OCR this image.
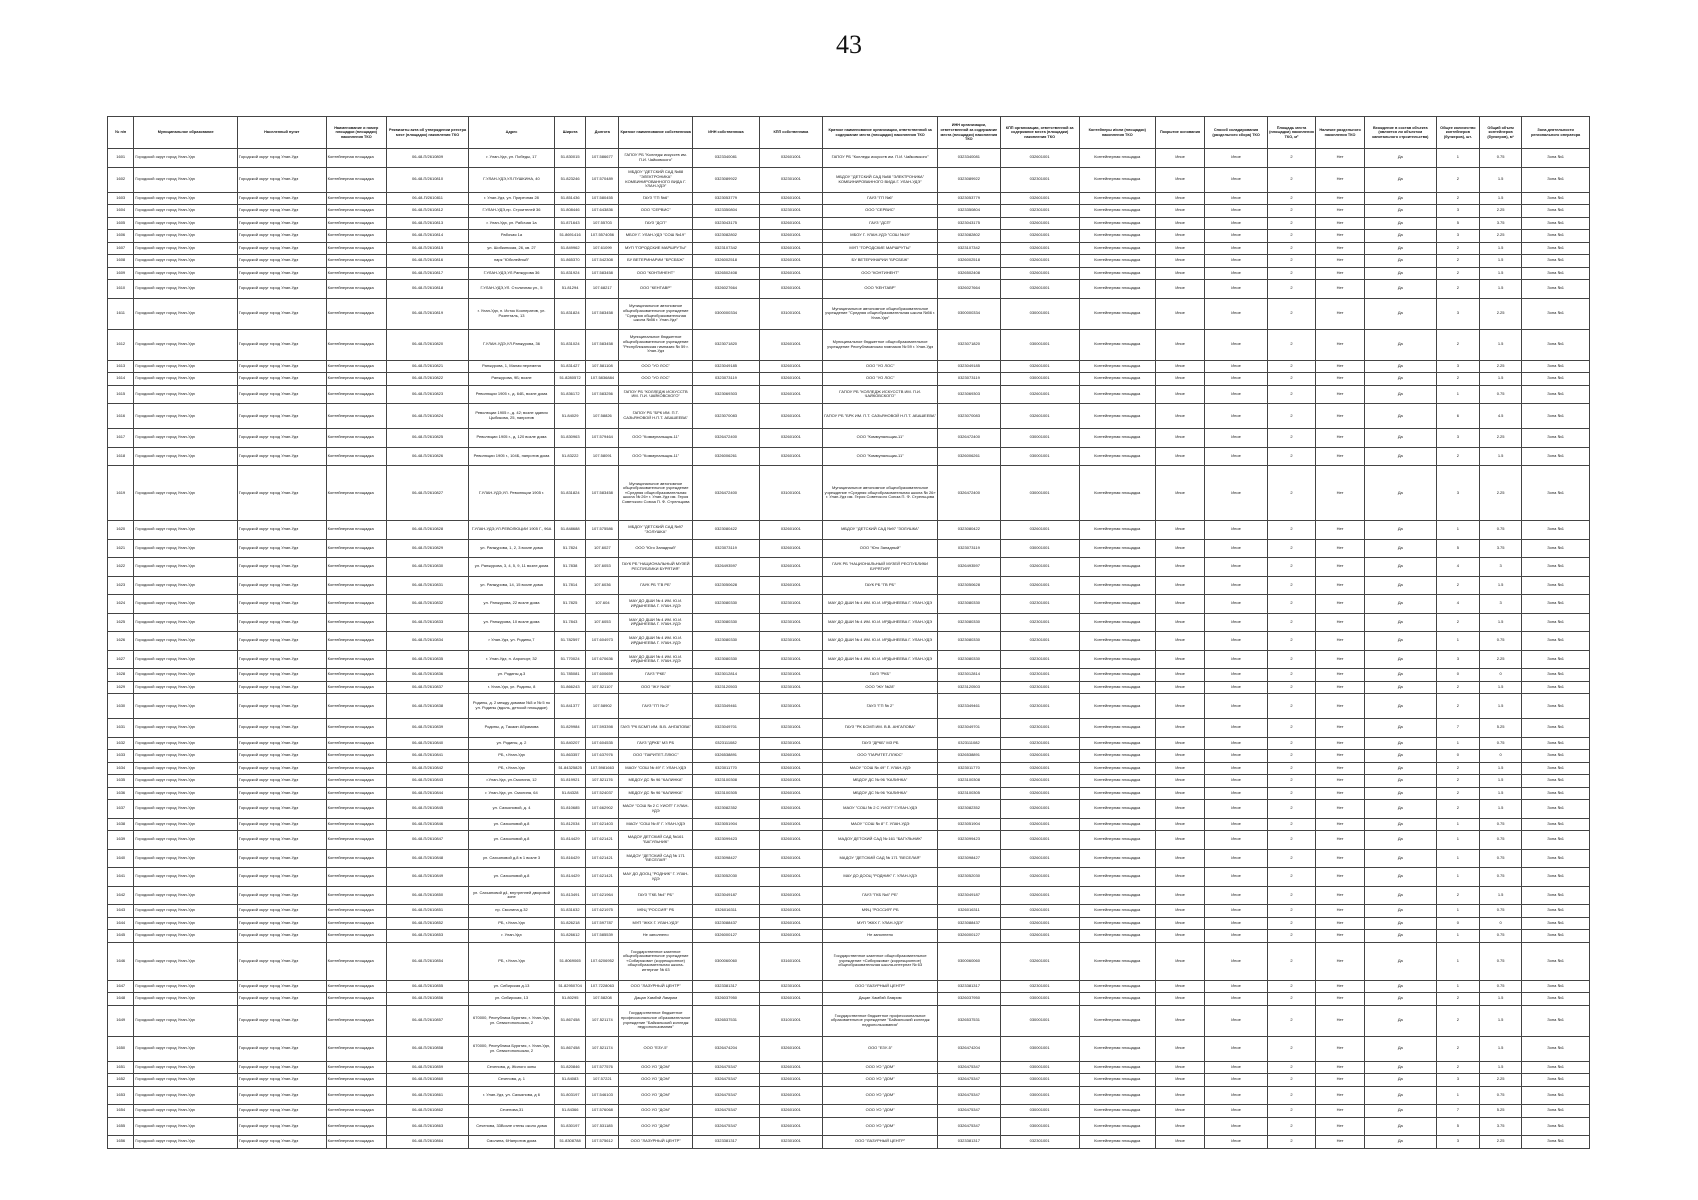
43
№ п/п	Муниципальное образование	Населенный пункт	Наименование и номер площадки (площадки) накопления ТКО	Реквизиты акта об утверждении реестра мест (площадок) накопления ТКО	Адрес	Широта	Долгота	Краткое наименование собственника	ИНН собственника	КПП собственника	Краткое наименование организации, ответственной за содержание места (площадки) накопления ТКО	ИНН организации, ответственной за содержание места (площадки) накопления ТКО	КПП организации, ответственной за содержание места (площадки) накопления ТКО	Контейнеры и/или (площадки) накопления ТКО	Покрытие основания	Способ складирования (раздельного сбора) ТКО	Площадь места (площадки) накопления ТКО, м²	Наличие раздельного накопления ТКО	Вхождение в состав объекта (является ли объектом капитального строительства)	Общее количество контейнеров (бункеров), шт.	Общий объем контейнеров (бункеров), м³	Зона деятельности регионального оператора
1601	Городской округ город Улан-Удэ	Городской округ город Улан-Удэ	Контейнерная площадка	06-48-П/2610809	г. Улан-Удэ, ул. Победы, 17	51.830015	107.586677	ГАПОУ РБ "Колледж искусств им. П.И. Чайковского"	0323340081	032601001	ГАПОУ РБ "Колледж искусств им. П.И. Чайковского"	0323340081	032601001	Контейнерная площадка	Иное	Иное	2	Нет	Да	1	0.75	Зона №1
1602	Городской округ город Улан-Удэ	Городской округ город Улан-Удэ	Контейнерная площадка	06-48-П/2610810	Г.УЛАН-УДЭ,УЛ.ПУШКИНА, 40	51.823246	107.570489	МБДОУ "ДЕТСКИЙ САД №88 "ЭЛЕКТРОНИКА" КОМБИНИРОВАННОГО ВИДА Г. УЛАН-УДЭ"	0323089922	032301001	МБДОУ "ДЕТСКИЙ САД №88 "ЭЛЕКТРОНИКА" КОМБИНИРОВАННОГО ВИДА Г. УЛАН-УДЭ"	0323089922	032301001	Контейнерная площадка	Иное	Иное	2	Нет	Да	2	1.5	Зона №1
1603	Городской округ город Улан-Удэ	Городской округ город Улан-Удэ	Контейнерная площадка	06-48-П/2610811	г. Улан-Удэ, ул. Приречная 28	51.851436	107.580455	ГАУЗ "ГП №6"	0323053779	032601001	ГАУЗ "ГП №6"	0323053779	032601001	Контейнерная площадка	Иное	Иное	2	Нет	Да	2	1.5	Зона №1
1604	Городской округ город Улан-Удэ	Городской округ город Улан-Удэ	Контейнерная площадка	06-48-П/2610812	Г.УЛАН-УДЭ,пр. Строителей 36	51.808446	107.643836	ООО "СЕРВИС"	0323350804	032301001	ООО "СЕРВИС"	0323350804	032301001	Контейнерная площадка	Иное	Иное	2	Нет	Да	3	2.25	Зона №1
1605	Городской округ город Улан-Удэ	Городской округ город Улан-Удэ	Контейнерная площадка	06-48-П/2610813	г. Улан-Удэ, ул. Рабочая 1а	51.871643	107.55703	ГАУЗ "ДСП"	0323043175	032601001	ГАУЗ "ДСП"	0323043175	032601001	Контейнерная площадка	Иное	Иное	2	Нет	Да	5	3.75	Зона №1
1606	Городской округ город Улан-Удэ	Городской округ город Улан-Удэ	Контейнерная площадка	06-48-П/2610814	Рабочая 1а	51.8691416	107.5574056	МБОУ Г. УЛАН-УДЭ "СОШ №19"	0323082802	032601001	МБОУ Г. УЛАН-УДЭ "СОШ №19"	0323082802	032601001	Контейнерная площадка	Иное	Иное	2	Нет	Да	3	2.25	Зона №1
1607	Городской округ город Улан-Удэ	Городской округ город Улан-Удэ	Контейнерная площадка	06-48-П/2610815	ул. Шобкинская, 26, кв. 27	51.849962	107.61099	МУП "ГОРОДСКИЕ МАРШРУТЫ"	0323107342	032601001	МУП "ГОРОДСКИЕ МАРШРУТЫ"	0323107342	032601001	Контейнерная площадка	Иное	Иное	2	Нет	Да	2	1.5	Зона №1
1608	Городской округ город Улан-Удэ	Городской округ город Улан-Удэ	Контейнерная площадка	06-48-П/2610816	парк "Юбилейный"	51.865370	107.542308	БУ ВЕТЕРИНАРИИ "БРСББЖ"	0326002518	032601001	БУ ВЕТЕРИНАРИИ "БРСББЖ"	0326002518	032601001	Контейнерная площадка	Иное	Иное	2	Нет	Да	2	1.5	Зона №1
1609	Городской округ город Улан-Удэ	Городской округ город Улан-Удэ	Контейнерная площадка	06-48-П/2610817	Г.УЛАН-УДЭ,УЛ.Ранжурова 36	51.831924	107.583458	ООО "КОНТИНЕНТ"	0326502408	032601001	ООО "КОНТИНЕНТ"	0326502408	032601001	Контейнерная площадка	Иное	Иное	2	Нет	Да	2	1.5	Зона №1
1610	Городской округ город Улан-Удэ	Городской округ город Улан-Удэ	Контейнерная площадка	06-48-П/2610818	Г.УЛАН-УДЭ,УЛ. Столичная ул., 5	51.81294	107.68217	ООО "КЕНТАВР"	0326027664	032601001	ООО "КЕНТАВР"	0326027664	032601001	Контейнерная площадка	Иное	Иное	2	Нет	Да	2	1.5	Зона №1
1611	Городской округ город Улан-Удэ	Городской округ город Улан-Удэ	Контейнерная площадка	06-48-П/2610819	г. Улан-Удэ, п. Исток Кооператив, ул. Розенталь, 13	51.831824	107.583458	Муниципальное автономное общеобразовательное учреждение "Средняя общеобразовательная школа №56 г. Улан-Удэ"	0300000334	031001001	Муниципальное автономное общеобразовательное учреждение "Средняя общеобразовательная школа №56 г. Улан-Удэ"	0300000334	030001001	Контейнерная площадка	Иное	Иное	2	Нет	Да	3	2.25	Зона №1
1612	Городской округ город Улан-Удэ	Городской округ город Улан-Удэ	Контейнерная площадка	06-48-П/2610820	Г.УЛАН-УДЭ,УЛ.Ранжурова, 36	51.831024	107.583458	Муниципальное бюджетное общеобразовательное учреждение "Республиканская гимназия № 59 г. Улан-Удэ	0323071820	032601001	Муниципальное бюджетное общеобразовательное учреждение Республиканская гимназия № 59 г. Улан-Удэ	0323071820	030001001	Контейнерная площадка	Иное	Иное	2	Нет	Да	2	1.5	Зона №1
1613	Городской округ город Улан-Удэ	Городской округ город Улан-Удэ	Контейнерная площадка	06-48-П/2610821	Ранжурова, 1, Малая перемена	51.831427	107.581108	ООО "УО ЛОС"	0323049185	032601001	ООО "УО ЛОС"	0323049185	032601001	Контейнерная площадка	Иное	Иное	2	Нет	Да	3	2.25	Зона №1
1614	Городской округ город Улан-Удэ	Городской округ город Улан-Удэ	Контейнерная площадка	06-48-П/2610822	Ранжурова, 9Б; возле	51.8280572	107.5836884	ООО "УО ЛОС"	0323073119	032601001	ООО "УО ЛОС"	0323073119	030001001	Контейнерная площадка	Иное	Иное	2	Нет	Да	2	1.5	Зона №1
1615	Городской округ город Улан-Удэ	Городской округ город Улан-Удэ	Контейнерная площадка	06-48-П/2610823	Революции 1905 г., д. 64Б, возле дома	51.836172	107.583256	ГАПОУ РБ "КОЛЛЕДЖ ИСКУССТВ ИМ. П.И. ЧАЙКОВСКОГО"	0323069303	032601001	ГАПОУ РБ "КОЛЛЕДЖ ИСКУССТВ ИМ. П.И. ЧАЙКОВСКОГО"	0323069303	032601001	Контейнерная площадка	Иное	Иное	2	Нет	Да	1	0.75	Зона №1
1616	Городской округ город Улан-Удэ	Городской округ город Улан-Удэ	Контейнерная площадка	06-48-П/2610824	Революции 1905 г., д. 42; возле здания Цыбикова, 25, напротив	51.84029	107.58826	ГАПОУ РБ "БРК ИМ. П.Т. САЗЬЯНОВОЙ Н.П.Т. АБАШЕЕВА"	0323070083	032601001	ГАПОУ РБ "БРК ИМ. П.Т. САЗЬЯНОВОЙ Н.П.Т. АБАШЕЕВА"	0323070083	032601001	Контейнерная площадка	Иное	Иное	2	Нет	Да	6	4.5	Зона №1
1617	Городской округ город Улан-Удэ	Городской округ город Улан-Удэ	Контейнерная площадка	06-48-П/2610825	Революции 1905 г., д. 120 возле дома	51.830963	107.579464	ООО "Коммунальщик-11"	0326472400	032601001	ООО "Коммунальщик-11"	0326472400	030001001	Контейнерная площадка	Иное	Иное	2	Нет	Да	3	2.25	Зона №1
1618	Городской округ город Улан-Удэ	Городской округ город Улан-Удэ	Контейнерная площадка	06-48-П/2610826	Революции 1905 г., 104Б, напротив дома	51.83222	107.58091	ООО "Коммунальщик-11"	0326006261	032601001	ООО "Коммунальщик-11"	0326006261	030001001	Контейнерная площадка	Иное	Иное	2	Нет	Да	2	1.5	Зона №1
1619	Городской округ город Улан-Удэ	Городской округ город Улан-Удэ	Контейнерная площадка	06-48-П/2610827	Г.УЛАН-УДЭ,УЛ. Революции 1905 г.	51.831824	107.583458	Муниципальное автономное общеобразовательное учреждение «Средняя общеобразовательная школа № 26» г. Улан-Удэ им. Героя Советского Союза П. Ф. Стрельцова	0326472400	031001001	Муниципальное автономное общеобразовательное учреждение «Средняя общеобразовательная школа № 26» г. Улан-Удэ им. Героя Советского Союза П. Ф. Стрельцова	0326472400	030001001	Контейнерная площадка	Иное	Иное	2	Нет	Да	3	2.25	Зона №1
1620	Городской округ город Улан-Удэ	Городской округ город Улан-Удэ	Контейнерная площадка	06-48-П/2610828	Г.УЛАН-УДЭ,УЛ.РЕВОЛЮЦИИ 1905 Г., 96А	51.848688	107.575586	МБДОУ "ДЕТСКИЙ САД №97 "ЗОЛУШКА"	0323080422	032601001	МБДОУ "ДЕТСКИЙ САД №97 "ЗОЛУШКА"	0323080422	032601001	Контейнерная площадка	Иное	Иное	2	Нет	Да	1	0.75	Зона №1
1621	Городской округ город Улан-Удэ	Городской округ город Улан-Удэ	Контейнерная площадка	06-48-П/2610829	ул. Ранжурова, 1, 2, 3 возле дома	51.7824	107.6027	ООО "Юго Западный"	0323073119	032601001	ООО "Юго Западный"	0323073119	030001001	Контейнерная площадка	Иное	Иное	2	Нет	Да	5	3.75	Зона №1
1622	Городской округ город Улан-Удэ	Городской округ город Улан-Удэ	Контейнерная площадка	06-48-П/2610830	ул. Ранжурова, 3, 4, 5, 9, 11 возле дома	51.7838	107.6053	ГАУК РБ "НАЦИОНАЛЬНЫЙ МУЗЕЙ РЕСПУБЛИКИ БУРЯТИЯ"	0326493597	032601001	ГАУК РБ "НАЦИОНАЛЬНЫЙ МУЗЕЙ РЕСПУБЛИКИ БУРЯТИЯ"	0326493597	032601001	Контейнерная площадка	Иное	Иное	2	Нет	Да	4	3	Зона №1
1623	Городской округ город Улан-Удэ	Городской округ город Улан-Удэ	Контейнерная площадка	06-48-П/2610831	ул. Ранжурова, 14, 15 возле дома	51.7814	107.6036	ГАУК РБ "ГВ РБ"	0323050628	032601001	ГАУК РБ "ГВ РБ"	0323050628	032601001	Контейнерная площадка	Иное	Иное	2	Нет	Да	2	1.5	Зона №1
1624	Городской округ город Улан-Удэ	Городской округ город Улан-Удэ	Контейнерная площадка	06-48-П/2610832	ул. Ранжурова, 22 возле дома	51.7825	107.604	МАУ ДО ДШИ № 4 ИМ. Ю.И. ИРДЫНЕЕВА Г. УЛАН-УДЭ	0323080330	032301001	МАУ ДО ДШИ № 4 ИМ. Ю.И. ИРДЫНЕЕВА Г. УЛАН-УДЭ	0323080330	032301001	Контейнерная площадка	Иное	Иное	2	Нет	Да	4	3	Зона №1
1625	Городской округ город Улан-Удэ	Городской округ город Улан-Удэ	Контейнерная площадка	06-48-П/2610833	ул. Ранжурова, 10 возле дома	51.7843	107.6053	МАУ ДО ДШИ № 4 ИМ. Ю.И. ИРДЫНЕЕВА Г. УЛАН-УДЭ	0323080330	032301001	МАУ ДО ДШИ № 4 ИМ. Ю.И. ИРДЫНЕЕВА Г. УЛАН-УДЭ	0323080330	032301001	Контейнерная площадка	Иное	Иное	2	Нет	Да	2	1.5	Зона №1
1626	Городской округ город Улан-Удэ	Городской округ город Улан-Удэ	Контейнерная площадка	06-48-П/2610834	г Улан-Удэ, ул. Родины,7	51.782597	107.604973	МАУ ДО ДШИ № 4 ИМ. Ю.И. ИРДЫНЕЕВА Г. УЛАН-УДЭ	0323080330	032301001	МАУ ДО ДШИ № 4 ИМ. Ю.И. ИРДЫНЕЕВА Г. УЛАН-УДЭ	0323080330	032301001	Контейнерная площадка	Иное	Иное	2	Нет	Да	1	0.75	Зона №1
1627	Городской округ город Улан-Удэ	Городской округ город Улан-Удэ	Контейнерная площадка	06-48-П/2610835	г. Улан-Удэ, п. Аэропорт, 32	51.770024	107.670636	МАУ ДО ДШИ № 4 ИМ. Ю.И. ИРДЫНЕЕВА Г. УЛАН-УДЭ	0323080330	032301001	МАУ ДО ДШИ № 4 ИМ. Ю.И. ИРДЫНЕЕВА Г. УЛАН-УДЭ	0323080330	032301001	Контейнерная площадка	Иное	Иное	2	Нет	Да	3	2.25	Зона №1
1628	Городской округ город Улан-Удэ	Городской округ город Улан-Удэ	Контейнерная площадка	06-48-П/2610836	ул. Родины д.3	51.785081	107.600659	ГАУЗ "РКБ"	0323012814	032301001	ГАУЗ "РКБ"	0323012814	032301001	Контейнерная площадка	Иное	Иное	2	Нет	Да	0	0	Зона №1
1629	Городской округ город Улан-Удэ	Городской округ город Улан-Удэ	Контейнерная площадка	06-48-П/2610837	г. Улан-Удэ, ул. Родины, 8	51.866243	107.521107	ООО "ЖУ №28"	0323120503	032301001	ООО "ЖУ №28"	0323120503	032301001	Контейнерная площадка	Иное	Иное	2	Нет	Да	2	1.5	Зона №1
1630	Городской округ город Улан-Удэ	Городской округ город Улан-Удэ	Контейнерная площадка	06-48-П/2610838	Родины, д. 2 между домами №3 и № 5 по ул. Родины (вдоль, детской площадке)	51.841377	107.58902	ГАУЗ "ГП № 2"	0323349461	032301001	ГАУЗ "ГП № 2"	0323349461	032301001	Контейнерная площадка	Иное	Иное	2	Нет	Да	2	1.5	Зона №1
1631	Городской округ город Улан-Удэ	Городской округ город Улан-Удэ	Контейнерная площадка	06-48-П/2610839	Родины, д. Такаин Абрамова	51.829984	107.593398	ГАУЗ "РК БСМП ИМ. В.В. АНГАПОВА"	0323049701	032301001	ГАУЗ "РК БСМП ИМ. В.В. АНГАПОВА"	0323049701	032301001	Контейнерная площадка	Иное	Иное	2	Нет	Да	7	5.25	Зона №1
1632	Городской округ город Улан-Удэ	Городской округ город Улан-Удэ	Контейнерная площадка	06-48-П/2610840	ул. Родины, д. 2	51.840207	107.604535	ГАУЗ "ДРКБ" МЗ РБ	0323111082	032301001	ГАУЗ "ДРКБ" МЗ РБ	0323111082	032301001	Контейнерная площадка	Иное	Иное	2	Нет	Да	1	0.75	Зона №1
1633	Городской округ город Улан-Удэ	Городской округ город Улан-Удэ	Контейнерная площадка	06-48-П/2610841	РБ, г.Улан-Удэ	51.863357	107.637976	ООО "ПАРИТЕТ-ПЛЮС"	0326538891	032601001	ООО "ПАРИТЕТ-ПЛЮС"	0326538891	032601001	Контейнерная площадка	Иное	Иное	2	Нет	Да	0	0	Зона №1
1634	Городской округ город Улан-Удэ	Городской округ город Улан-Удэ	Контейнерная площадка	06-48-П/2610842	РБ, г.Улан-Удэ	51.84325825	107.5981663	МАОУ "СОШ № 49" Г. УЛАН-УДЭ	0323011770	032601001	МАОУ "СОШ № 49" Г. УЛАН-УДЭ	0323011770	032601001	Контейнерная площадка	Иное	Иное	2	Нет	Да	2	1.5	Зона №1
1635	Городской округ город Улан-Удэ	Городской округ город Улан-Удэ	Контейнерная площадка	06-48-П/2610843	г.Улан-Удэ, ул.Смолина, 12	51.819921	107.521176	МБДОУ ДС № 96 "КАЛИНКА"	0323100308	032601001	МБДОУ ДС № 96 "КАЛИНКА"	0323100308	032601001	Контейнерная площадка	Иное	Иное	2	Нет	Да	2	1.5	Зона №1
1636	Городской округ город Улан-Удэ	Городской округ город Улан-Удэ	Контейнерная площадка	06-48-П/2610844	г. Улан-Удэ, ул. Смолина, 64	51.84328	107.524037	МБДОУ ДС № 96 "КАЛИНКА"	0323100305	032601001	МБДОУ ДС № 96 "КАЛИНКА"	0323100305	032601001	Контейнерная площадка	Иное	Иное	2	Нет	Да	2	1.5	Зона №1
1637	Городской округ город Улан-Удэ	Городской округ город Улан-Удэ	Контейнерная площадка	06-48-П/2610845	ул. Сахьяновой, д. 4	51.810685	107.662902	МАОУ "СОШ № 2 С УИОП" Г.УЛАН-УДЭ	0323082352	032601001	МАОУ "СОШ № 2 С УИОП" Г.УЛАН-УДЭ	0323082352	032601001	Контейнерная площадка	Иное	Иное	2	Нет	Да	2	1.5	Зона №1
1638	Городской округ город Улан-Удэ	Городской округ город Улан-Удэ	Контейнерная площадка	06-48-П/2610846	ул. Сахьяновой д.8	51.812034	107.621403	МАОУ "СОШ № 8" Г. УЛАН-УДЭ	0323051904	032601001	МАОУ "СОШ № 8" Г. УЛАН-УДЭ	0323051904	032601001	Контейнерная площадка	Иное	Иное	2	Нет	Да	1	0.75	Зона №1
1639	Городской округ город Улан-Удэ	Городской округ город Улан-Удэ	Контейнерная площадка	06-48-П/2610847	ул. Сахьяновой д.8	51.814429	107.621421	МАДОУ ДЕТСКИЙ САД №161 "БАГУЛЬНИК"	0323099423	032601001	МАДОУ ДЕТСКИЙ САД № 161 "БАГУЛЬНИК"	0323099423	032601001	Контейнерная площадка	Иное	Иное	2	Нет	Да	1	0.75	Зона №1
1640	Городской округ город Улан-Удэ	Городской округ город Улан-Удэ	Контейнерная площадка	06-48-П/2610848	ул. Сахьяновой д.8 в 1 возле 3	51.816429	107.621421	МАДОУ "ДЕТСКИЙ САД № 171 "ВЕСЕЛАЯ"	0323098427	032601001	МАДОУ "ДЕТСКИЙ САД № 171 "ВЕСЕЛАЯ"	0323098427	032601001	Контейнерная площадка	Иное	Иное	2	Нет	Да	1	0.75	Зона №1
1641	Городской округ город Улан-Удэ	Городской округ город Улан-Удэ	Контейнерная площадка	06-48-П/2610849	ул. Сахьяновой д.8	51.814429	107.621421	МАУ ДО ДООЦ "РОДНИК" Г. УЛАН-УДЭ	0323052030	032601001	МАУ ДО ДООЦ "РОДНИК" Г. УЛАН-УДЭ	0323052030	032601001	Контейнерная площадка	Иное	Иное	2	Нет	Да	1	0.75	Зона №1
1642	Городской округ город Улан-Удэ	Городской округ город Улан-Удэ	Контейнерная площадка	06-48-П/2610850	ул. Сахьяновой д4, внутренней дворовой зоне	51.813491	107.621964	ГАУЗ "ГКБ №4" РБ"	0323049187	032601001	ГАУЗ "ГКБ №4" РБ"	0323049187	032601001	Контейнерная площадка	Иное	Иное	2	Нет	Да	2	1.5	Зона №1
1643	Городской округ город Улан-Удэ	Городской округ город Улан-Удэ	Контейнерная площадка	06-48-П/2610851	пр. Смолина д.32	51.831632	107.621975	МФЦ "РОССИЯ" РБ	0326016311	032601001	МФЦ "РОССИЯ" РБ	0326016311	032601001	Контейнерная площадка	Иное	Иное	2	Нет	Да	1	0.75	Зона №1
1644	Городской округ город Улан-Удэ	Городской округ город Улан-Удэ	Контейнерная площадка	06-48-П/2610852	РБ, г.Улан-Удэ	51.826218	107.597787	МУП "ЖКХ Г. УЛАН-УДЭ"	0323088437	032601001	МУП "ЖКХ Г. УЛАН-УДЭ"	0323088437	032601001	Контейнерная площадка	Иное	Иное	2	Нет	Да	0	0	Зона №1
1645	Городской округ город Улан-Удэ	Городской округ город Улан-Удэ	Контейнерная площадка	06-48-П/2610853	г. Улан-Удэ	51.826612	107.585539	Не заполнено	0326000127	032601001	Не заполнено	0326000127	032601001	Контейнерная площадка	Иное	Иное	2	Нет	Да	1	0.75	Зона №1
1646	Городской округ город Улан-Удэ	Городской округ город Улан-Удэ	Контейнерная площадка	06-48-П/2610854	РБ, г.Улан-Удэ	51.8069065	107.6206952	Государственное казенное общеобразовательное учреждение «Сибирякова» (коррекционное) общеобразовательная школа-интернат № 63	0300060060	031601001	Государственное казенное общеобразовательное учреждение «Сибирякова» (коррекционное) общеобразовательная школа-интернат № 63	0300060060	032601001	Контейнерная площадка	Иное	Иное	2	Нет	Да	1	0.75	Зона №1
1647	Городской округ город Улан-Удэ	Городской округ город Улан-Удэ	Контейнерная площадка	06-48-П/2610855	ул. Сибирская д.13	51.82950704	107.7228063	ООО "ЛАЗУРНЫЙ ЦЕНТР"	0323381317	032301001	ООО "ЛАЗУРНЫЙ ЦЕНТР"	0323381317	032301001	Контейнерная площадка	Иное	Иное	2	Нет	Да	1	0.75	Зона №1
1648	Городской округ город Улан-Удэ	Городской округ город Улан-Удэ	Контейнерная площадка	06-48-П/2610856	ул. Сибирская, 13	51.80295	107.58208	Дацан Хамбэй Ламрим	0326037950	032601001	Дацан Хамбэй Ламрим	0326037950	030001001	Контейнерная площадка	Иное	Иное	2	Нет	Да	2	1.5	Зона №1
1649	Городской округ город Улан-Удэ	Городской округ город Улан-Удэ	Контейнерная площадка	06-48-П/2610857	670000, Республика Бурятия, г. Улан-Удэ, ул. Севастопольская, 2	51.867458	107.521174	Государственное бюджетное профессиональное образовательное учреждение "Байкальский колледж недропользования"	0326537531	031001001	Государственное бюджетное профессиональное образовательное учреждение "Байкальский колледж недропользования"	0326537531	030001001	Контейнерная площадка	Иное	Иное	2	Нет	Да	2	1.5	Зона №1
1650	Городской округ город Улан-Удэ	Городской округ город Улан-Удэ	Контейнерная площадка	06-48-П/2610858	670000, Республика Бурятия, г. Улан-Удэ, ул. Севастопольская, 2	51.867458	107.521174	ООО "ЕЗУ-5"	0326474204	032601001	ООО "ЕЗУ-5"	0326474204	030001001	Контейнерная площадка	Иное	Иное	2	Нет	Да	2	1.5	Зона №1
1651	Городской округ город Улан-Удэ	Городской округ город Улан-Удэ	Контейнерная площадка	06-48-П/2610859	Сеченова, д. Жилого зоны	51.820846	107.577576	ООО УО "ДОМ"	0326475347	032601001	ООО УО "ДОМ"	0326475347	030001001	Контейнерная площадка	Иное	Иное	2	Нет	Да	2	1.5	Зона №1
1652	Городской округ город Улан-Удэ	Городской округ город Улан-Удэ	Контейнерная площадка	06-48-П/2610860	Сеченова, д. 1	51.84083	107.57221	ООО УО "ДОМ"	0326475347	032601001	ООО УО "ДОМ"	0326475347	030001001	Контейнерная площадка	Иное	Иное	2	Нет	Да	3	2.25	Зона №1
1653	Городской округ город Улан-Удэ	Городской округ город Улан-Удэ	Контейнерная площадка	06-48-П/2610861	г. Улан-Удэ, ул. Сахьянова, д 6	51.803197	107.546103	ООО УО "ДОМ"	0326475347	032601001	ООО УО "ДОМ"	0326475347	030001001	Контейнерная площадка	Иное	Иное	2	Нет	Да	1	0.75	Зона №1
1654	Городской округ город Улан-Удэ	Городской округ город Улан-Удэ	Контейнерная площадка	06-48-П/2610862	Сеченова,31	51.84366	107.576068	ООО УО "ДОМ"	0326475347	032601001	ООО УО "ДОМ"	0326475347	030001001	Контейнерная площадка	Иное	Иное	2	Нет	Да	7	5.25	Зона №1
1655	Городской округ город Улан-Удэ	Городской округ город Улан-Удэ	Контейнерная площадка	06-48-П/2610863	Сеченова, 33Возле стены около дома	51.830197	107.531185	ООО УО "ДОМ"	0326475347	032601001	ООО УО "ДОМ"	0326475347	030001001	Контейнерная площадка	Иное	Иное	2	Нет	Да	5	3.75	Зона №1
1656	Городской округ город Улан-Удэ	Городской округ город Улан-Удэ	Контейнерная площадка	06-48-П/2610864	Смолина, 6Напротив дома	51.8308788	107.575612	ООО "ЛАЗУРНЫЙ ЦЕНТР"	0323381317	032301001	ООО "ЛАЗУРНЫЙ ЦЕНТР"	0323381317	032301001	Контейнерная площадка	Иное	Иное	2	Нет	Да	3	2.25	Зона №1
